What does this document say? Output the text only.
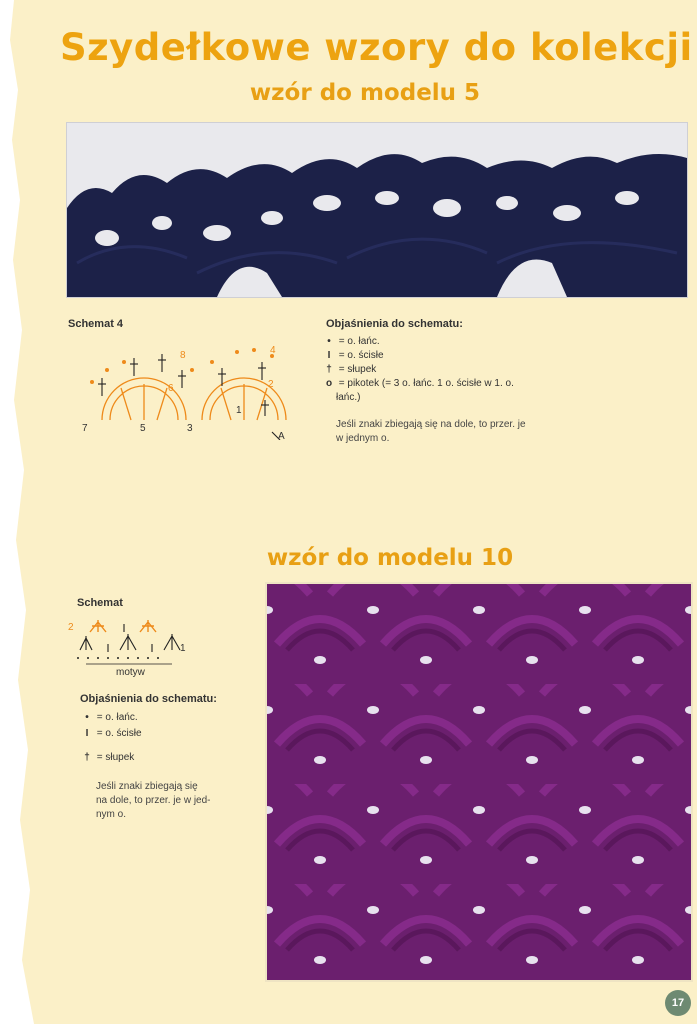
Szydełkowe wzory do kolekcji
wzór do modelu 5
Schemat 4
8
6
4
2
7	5	3
1
A
Objaśnienia do schematu:
• = o. łańc.
I = o. ścisłe
† = słupek
o = pikotek (= 3 o. łańc. 1 o. ścisłe w 1. o.
łańc.)
Jeśli znaki zbiegają się na dole, to przer. je
w jednym o.
wzór do modelu 10
Schemat
2
1
motyw
Objaśnienia do schematu:
• = o. łańc.
I = o. ścisłe
† = słupek
Jeśli znaki zbiegają się
na dole, to przer. je w jed-
nym o.
17
